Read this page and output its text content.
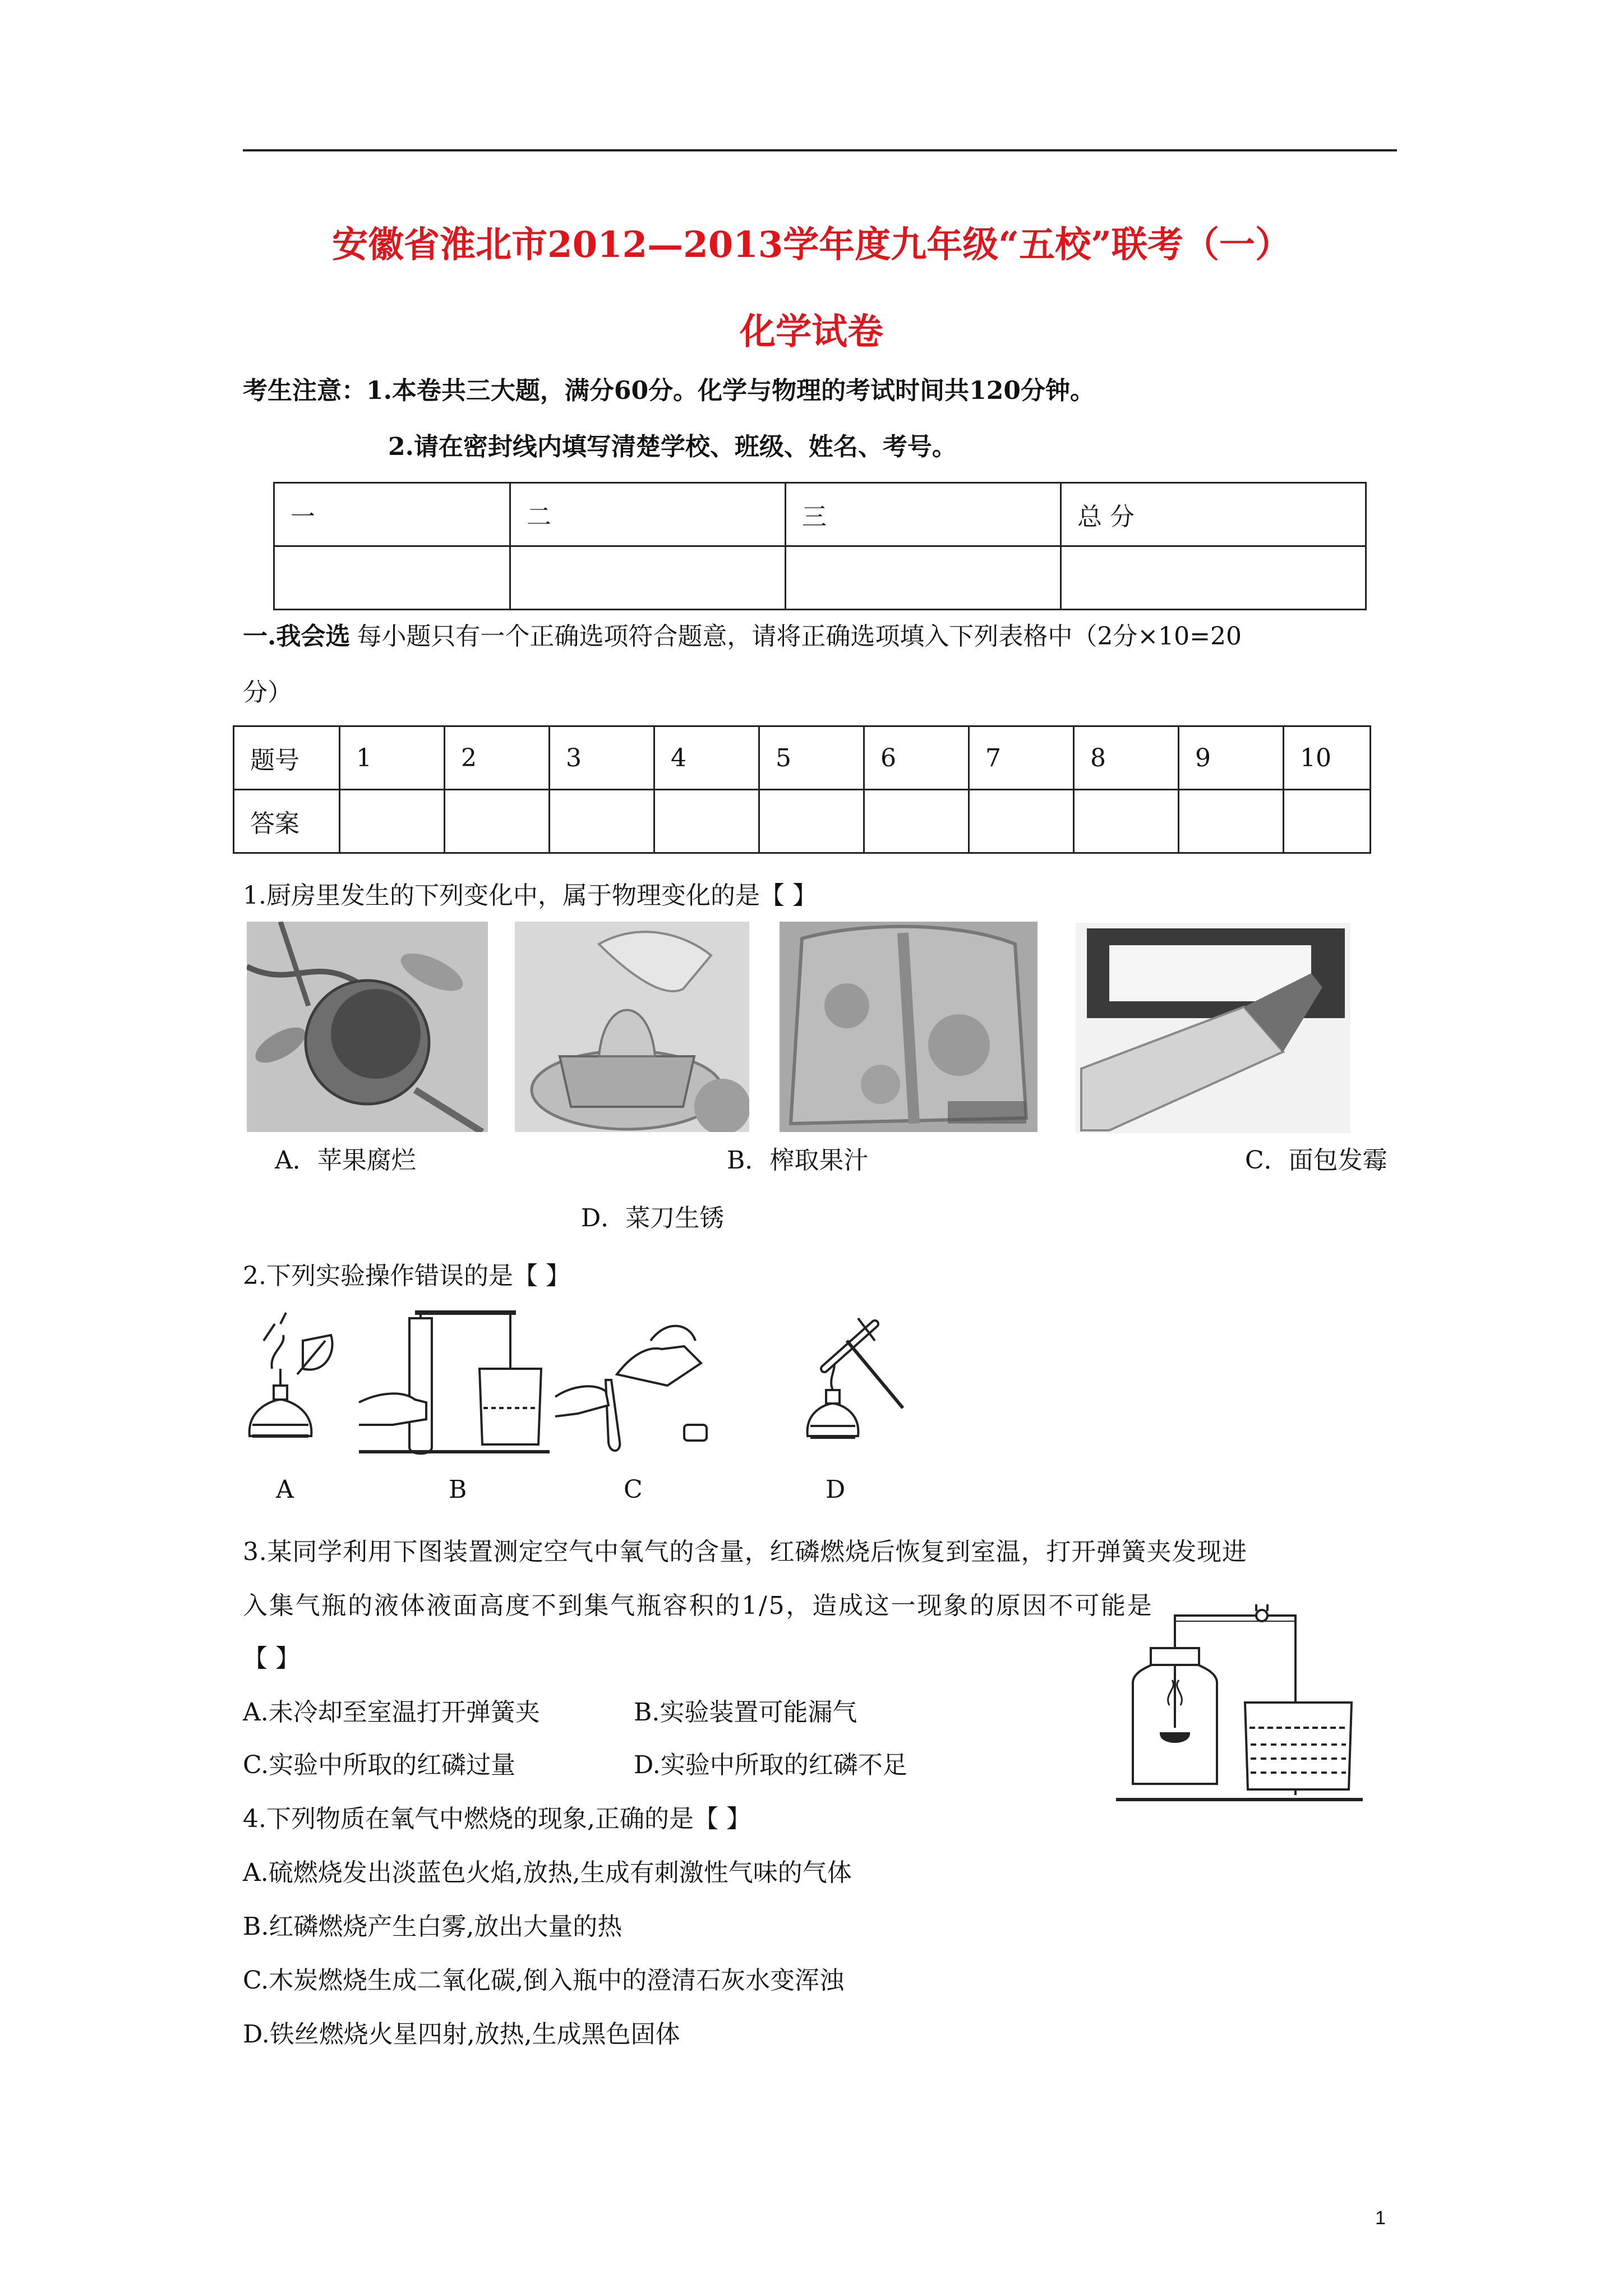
安徽省淮北市2012—2013学年度九年级“五校”联考（一）
化学试卷
考生注意：1.本卷共三大题，满分60分。化学与物理的考试时间共120分钟。
2.请在密封线内填写清楚学校、班级、姓名、考号。
一	二	三	总 分

一.我会选 每小题只有一个正确选项符合题意，请将正确选项填入下列表格中（2分×10=20
分）
题号	1	2	3	4	5	6	7	8	9	10
答案										
1.厨房里发生的下列变化中，属于物理变化的是【 】
A．苹果腐烂	B．榨取果汁	C．面包发霉
D．菜刀生锈
2.下列实验操作错误的是【 】
A	B	C	D
3.某同学利用下图装置测定空气中氧气的含量，红磷燃烧后恢复到室温，打开弹簧夹发现进
入集气瓶的液体液面高度不到集气瓶容积的1/5，造成这一现象的原因不可能是
【 】
A.未冷却至室温打开弹簧夹	B.实验装置可能漏气
C.实验中所取的红磷过量	D.实验中所取的红磷不足
4.下列物质在氧气中燃烧的现象,正确的是【 】
A.硫燃烧发出淡蓝色火焰,放热,生成有刺激性气味的气体
B.红磷燃烧产生白雾,放出大量的热
C.木炭燃烧生成二氧化碳,倒入瓶中的澄清石灰水变浑浊
D.铁丝燃烧火星四射,放热,生成黑色固体
1
